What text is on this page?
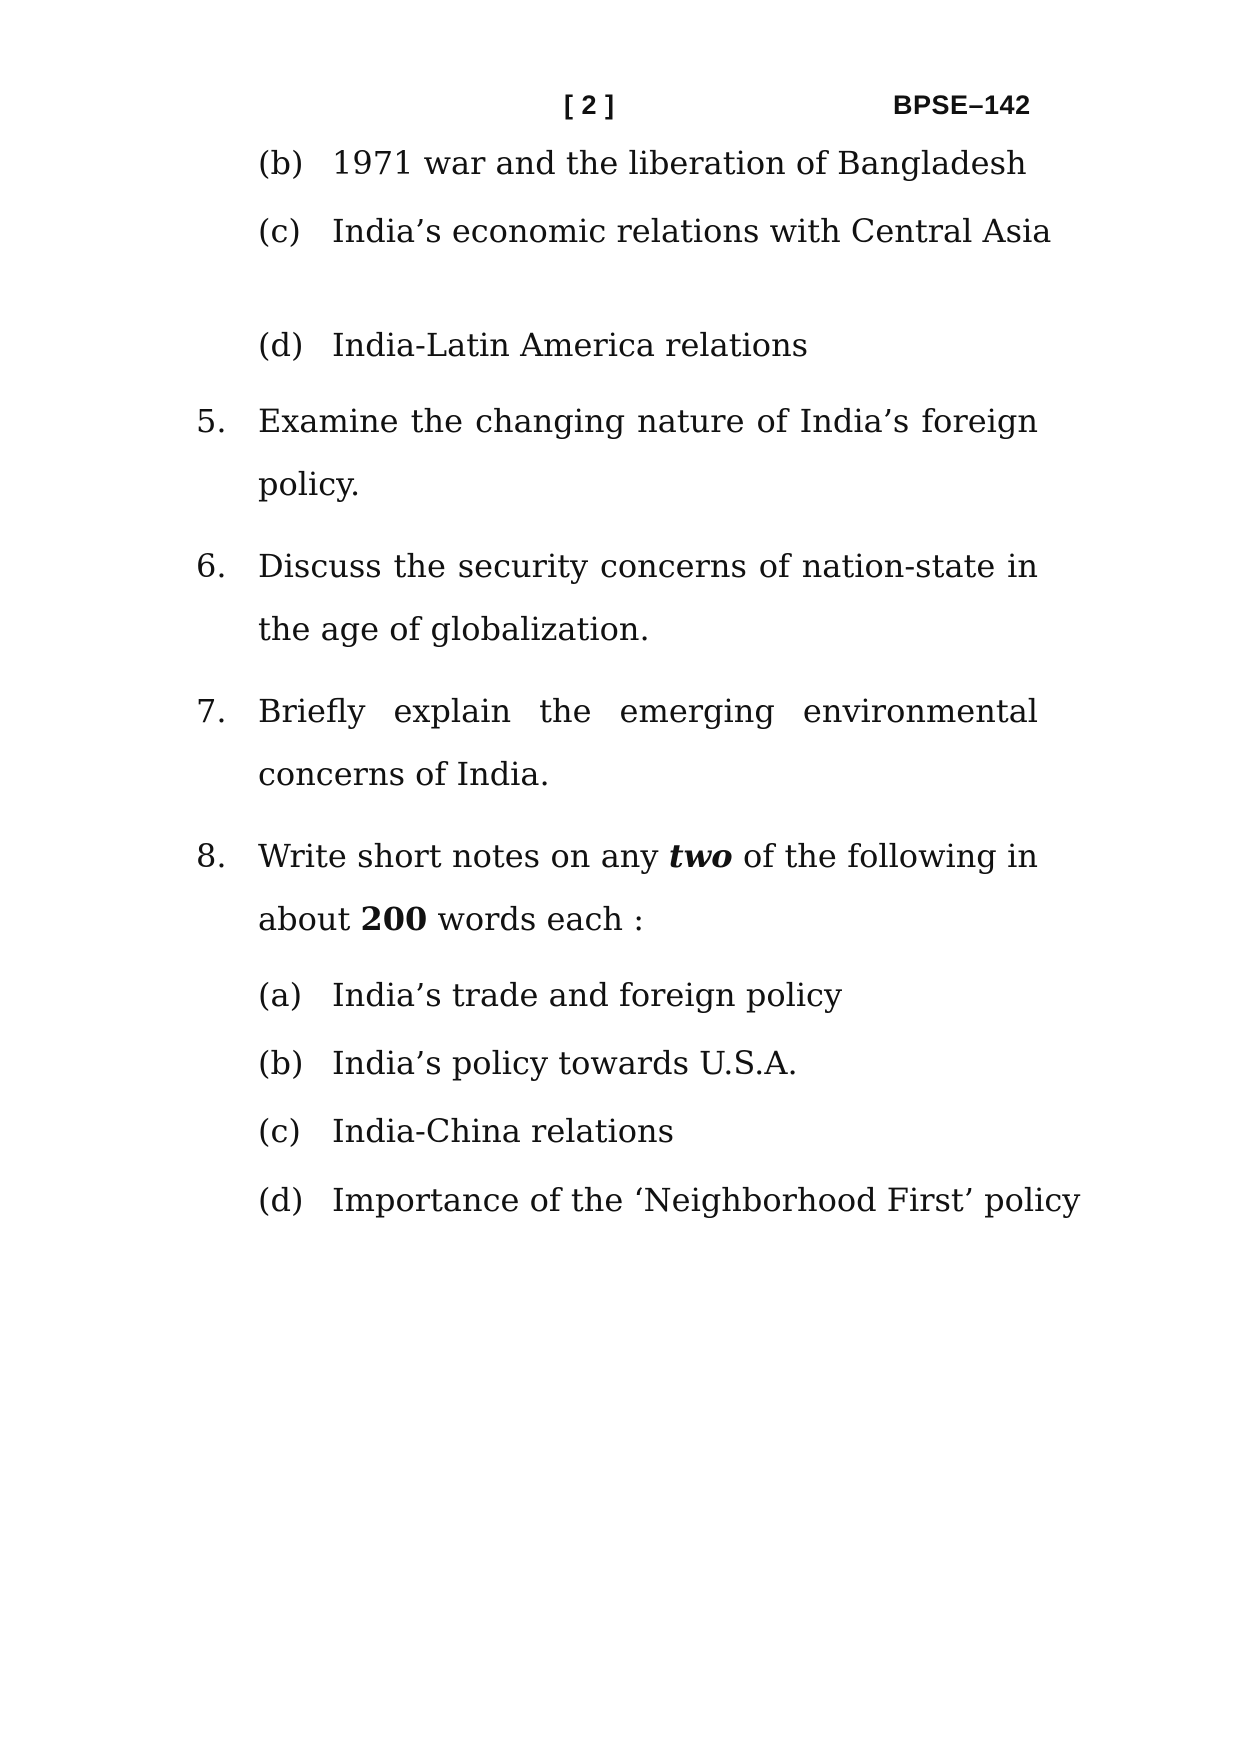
[ 2 ]	BPSE–142
(b) 1971 war and the liberation of Bangladesh
(c) India’s economic relations with Central Asia
(d) India-Latin America relations
5. Examine the changing nature of India’s foreign policy.
6. Discuss the security concerns of nation-state in the age of globalization.
7. Briefly explain the emerging environmental concerns of India.
8. Write short notes on any two of the following in about 200 words each :
(a) India’s trade and foreign policy
(b) India’s policy towards U.S.A.
(c) India-China relations
(d) Importance of the ‘Neighborhood First’ policy
